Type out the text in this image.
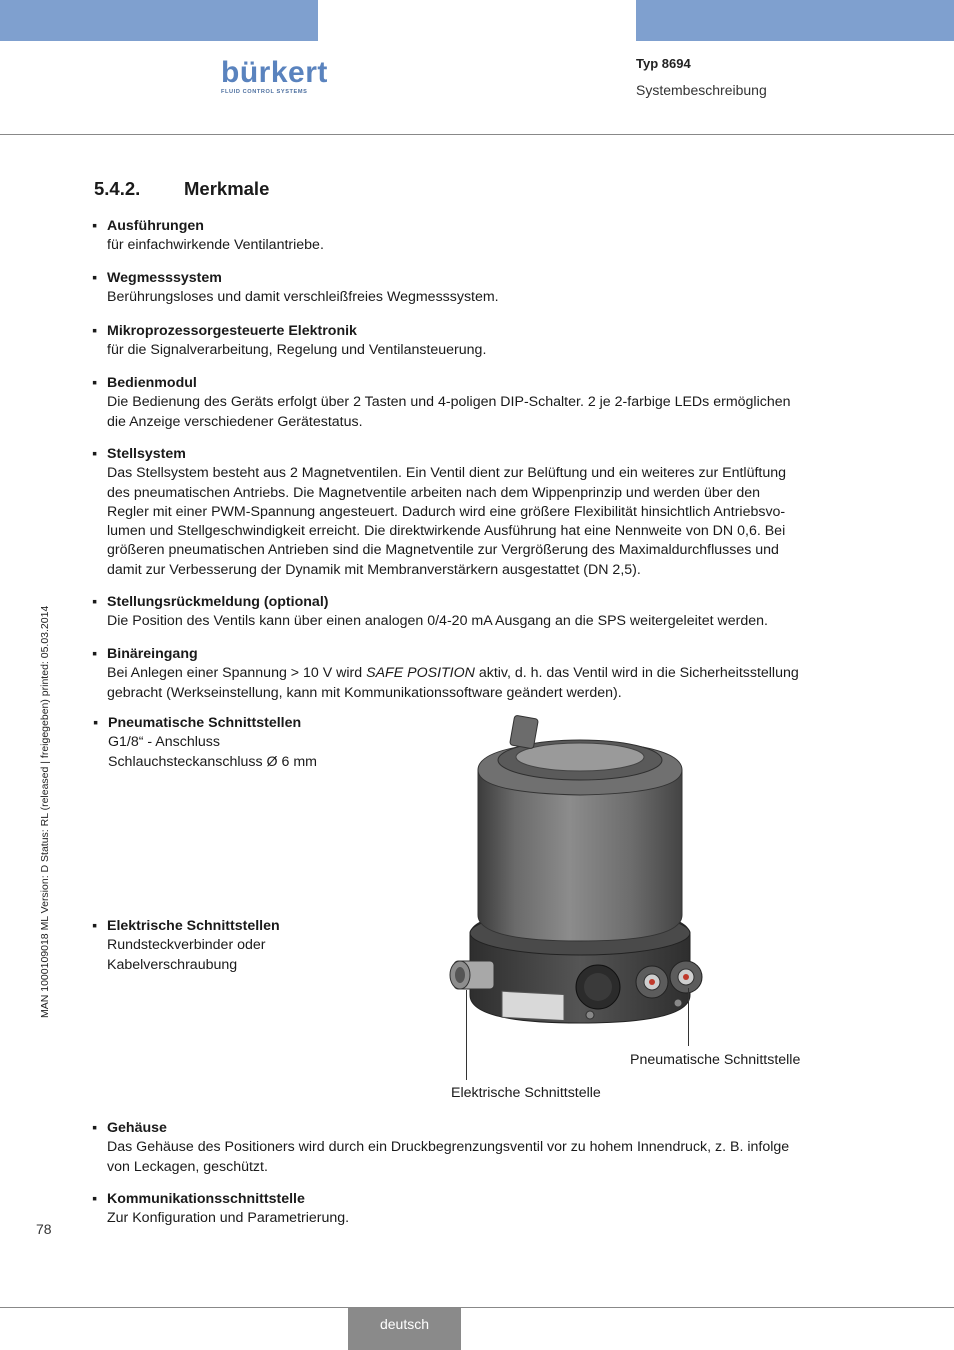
bürkert
FLUID CONTROL SYSTEMS
Typ 8694
Systembeschreibung
5.4.2. Merkmale
▪ Ausführungen
für einfachwirkende Ventilantriebe.
▪ Wegmesssystem
Berührungsloses und damit verschleißfreies Wegmesssystem.
▪ Mikroprozessorgesteuerte Elektronik
für die Signalverarbeitung, Regelung und Ventilansteuerung.
▪ Bedienmodul
Die Bedienung des Geräts erfolgt über 2 Tasten und 4-poligen DIP-Schalter. 2 je 2-farbige LEDs ermöglichen
die Anzeige verschiedener Gerätestatus.
▪ Stellsystem
Das Stellsystem besteht aus 2 Magnetventilen. Ein Ventil dient zur Belüftung und ein weiteres zur Entlüftung
des pneumatischen Antriebs. Die Magnetventile arbeiten nach dem Wippenprinzip und werden über den
Regler mit einer PWM-Spannung angesteuert. Dadurch wird eine größere Flexibilität hinsichtlich Antriebsvo-
lumen und Stellgeschwindigkeit erreicht. Die direktwirkende Ausführung hat eine Nennweite von DN 0,6. Bei
größeren pneumatischen Antrieben sind die Magnetventile zur Vergrößerung des Maximaldurchflusses und
damit zur Verbesserung der Dynamik mit Membranverstärkern ausgestattet (DN 2,5).
▪ Stellungsrückmeldung (optional)
Die Position des Ventils kann über einen analogen 0/4-20 mA Ausgang an die SPS weitergeleitet werden.
▪ Binäreingang
Bei Anlegen einer Spannung > 10 V wird SAFE POSITION aktiv, d. h. das Ventil wird in die Sicherheitsstellung
gebracht (Werkseinstellung, kann mit Kommunikationssoftware geändert werden).
▪ Pneumatische Schnittstellen
G1/8“ - Anschluss
Schlauchsteckanschluss Ø 6 mm
▪ Elektrische Schnittstellen
Rundsteckverbinder oder
Kabelverschraubung
Pneumatische Schnittstelle
Elektrische Schnittstelle
▪ Gehäuse
Das Gehäuse des Positioners wird durch ein Druckbegrenzungsventil vor zu hohem Innendruck, z. B. infolge
von Leckagen, geschützt.
▪ Kommunikationsschnittstelle
Zur Konfiguration und Parametrierung.
MAN 1000109018 ML Version: D Status: RL (released | freigegeben) printed: 05.03.2014
78
deutsch
